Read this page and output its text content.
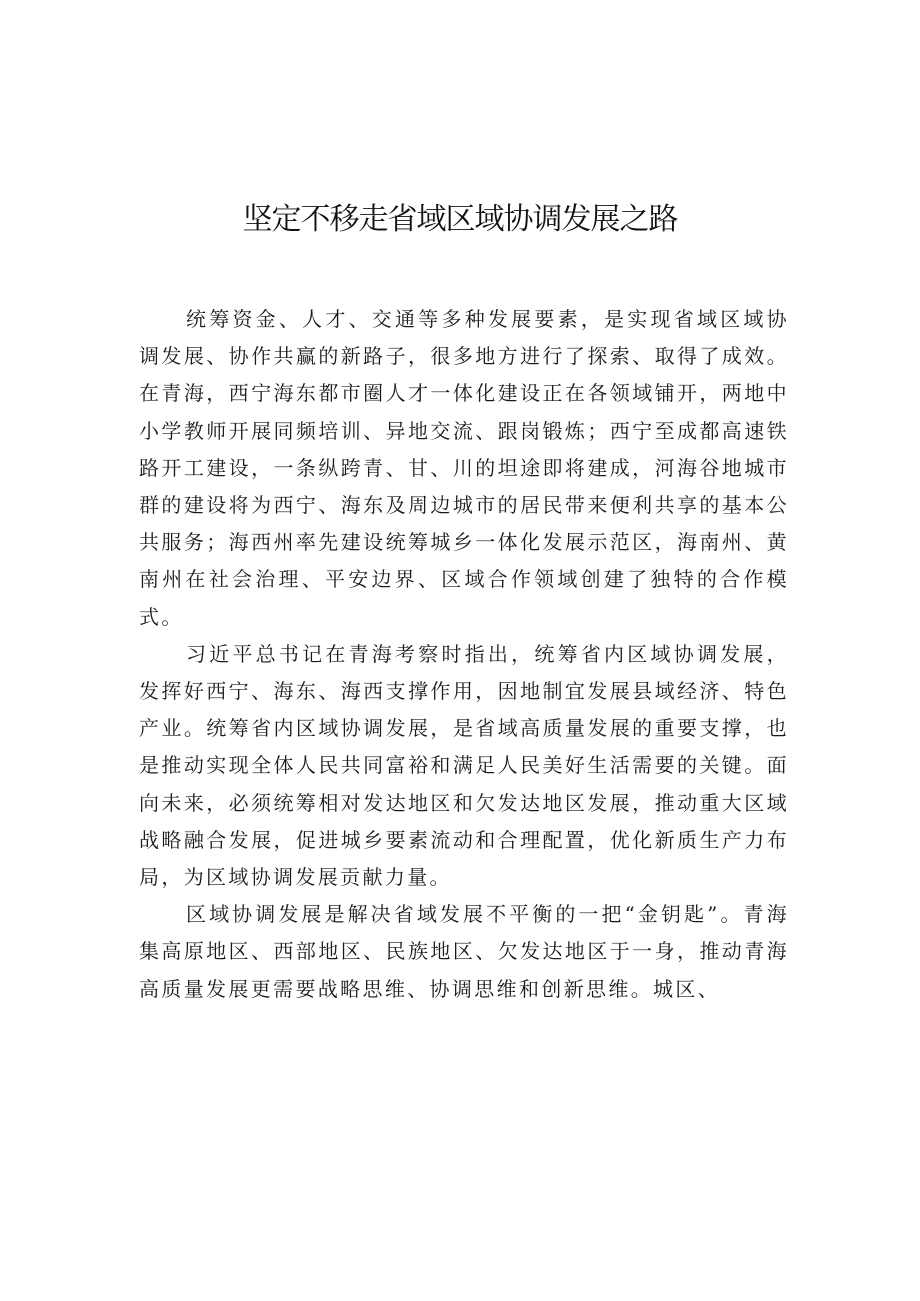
坚定不移走省域区域协调发展之路

统筹资金、人才、交通等多种发展要素，是实现省域区域协调发展、协作共赢的新路子，很多地方进行了探索、取得了成效。在青海，西宁海东都市圈人才一体化建设正在各领域铺开，两地中小学教师开展同频培训、异地交流、跟岗锻炼；西宁至成都高速铁路开工建设，一条纵跨青、甘、川的坦途即将建成，河海谷地城市群的建设将为西宁、海东及周边城市的居民带来便利共享的基本公共服务；海西州率先建设统筹城乡一体化发展示范区，海南州、黄南州在社会治理、平安边界、区域合作领域创建了独特的合作模式。

习近平总书记在青海考察时指出，统筹省内区域协调发展，发挥好西宁、海东、海西支撑作用，因地制宜发展县域经济、特色产业。统筹省内区域协调发展，是省域高质量发展的重要支撑，也是推动实现全体人民共同富裕和满足人民美好生活需要的关键。面向未来，必须统筹相对发达地区和欠发达地区发展，推动重大区域战略融合发展，促进城乡要素流动和合理配置，优化新质生产力布局，为区域协调发展贡献力量。

区域协调发展是解决省域发展不平衡的一把“金钥匙”。青海集高原地区、西部地区、民族地区、欠发达地区于一身，推动青海高质量发展更需要战略思维、协调思维和创新思维。城区、
